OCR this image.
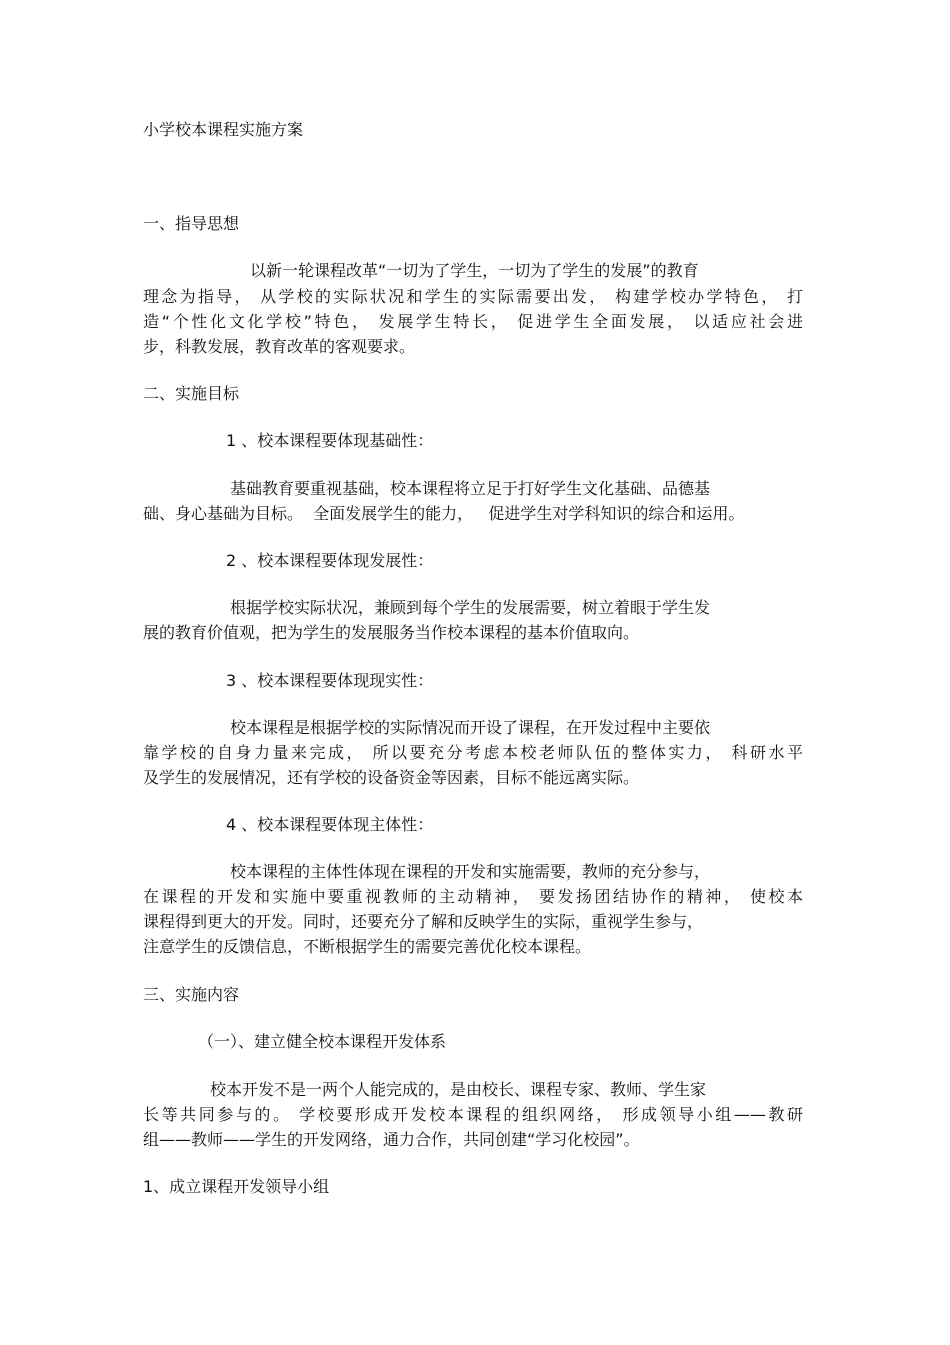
小学校本课程实施方案
一、指导思想
以新一轮课程改革“一切为了学生，一切为了学生的发展”的教育
理念为指导， 从学校的实际状况和学生的实际需要出发， 构建学校办学特色， 打
造“个性化文化学校”特色， 发展学生特长， 促进学生全面发展， 以适应社会进
步，科教发展，教育改革的客观要求。
二、实施目标
1 、校本课程要体现基础性：
基础教育要重视基础，校本课程将立足于打好学生文化基础、品德基
础、身心基础为目标。  全面发展学生的能力，   促进学生对学科知识的综合和运用。
2 、校本课程要体现发展性：
根据学校实际状况，兼顾到每个学生的发展需要，树立着眼于学生发
展的教育价值观，把为学生的发展服务当作校本课程的基本价值取向。
3 、校本课程要体现现实性：
校本课程是根据学校的实际情况而开设了课程，在开发过程中主要依
靠学校的自身力量来完成， 所以要充分考虑本校老师队伍的整体实力， 科研水平
及学生的发展情况，还有学校的设备资金等因素，目标不能远离实际。
4 、校本课程要体现主体性：
校本课程的主体性体现在课程的开发和实施需要，教师的充分参与，
在课程的开发和实施中要重视教师的主动精神， 要发扬团结协作的精神， 使校本
课程得到更大的开发。同时，还要充分了解和反映学生的实际，重视学生参与，
注意学生的反馈信息，不断根据学生的需要完善优化校本课程。
三、实施内容
（一）、建立健全校本课程开发体系
校本开发不是一两个人能完成的，是由校长、课程专家、教师、学生家
长等共同参与的。 学校要形成开发校本课程的组织网络， 形成领导小组——教研
组——教师——学生的开发网络，通力合作，共同创建“学习化校园”。
1、成立课程开发领导小组
